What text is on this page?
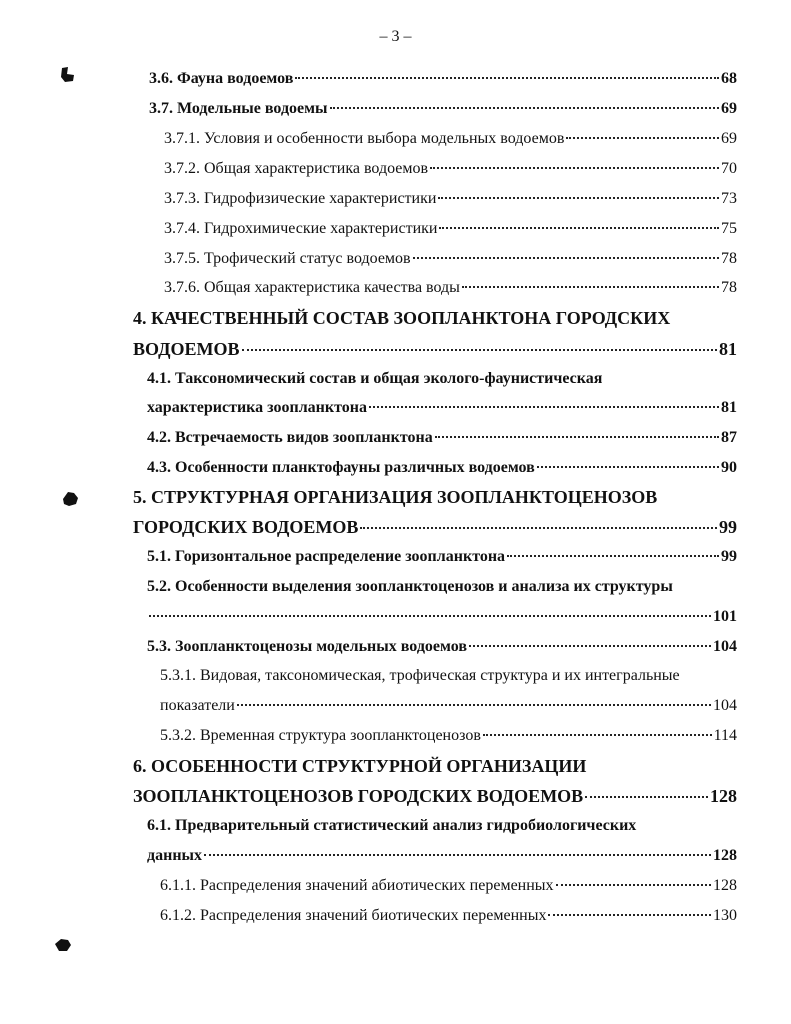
– 3 –
3.6. Фауна водоемов	68
3.7. Модельные водоемы	69
3.7.1. Условия и особенности выбора модельных водоемов	69
3.7.2. Общая характеристика водоемов	70
3.7.3. Гидрофизические характеристики	73
3.7.4. Гидрохимические характеристики	75
3.7.5. Трофический статус водоемов	78
3.7.6. Общая характеристика качества воды	78
4. КАЧЕСТВЕННЫЙ СОСТАВ ЗООПЛАНКТОНА ГОРОДСКИХ
ВОДОЕМОВ	81
4.1. Таксономический состав и общая эколого-фаунистическая
характеристика зоопланктона	81
4.2. Встречаемость видов зоопланктона	87
4.3. Особенности планктофауны различных водоемов	90
5. СТРУКТУРНАЯ ОРГАНИЗАЦИЯ ЗООПЛАНКТОЦЕНОЗОВ
ГОРОДСКИХ ВОДОЕМОВ	99
5.1. Горизонтальное распределение зоопланктона	99
5.2. Особенности выделения зоопланктоценозов и анализа их структуры
101
5.3. Зоопланктоценозы модельных водоемов	104
5.3.1. Видовая, таксономическая, трофическая структура и их интегральные
показатели	104
5.3.2. Временная структура зоопланктоценозов	114
6. ОСОБЕННОСТИ СТРУКТУРНОЙ ОРГАНИЗАЦИИ
ЗООПЛАНКТОЦЕНОЗОВ ГОРОДСКИХ ВОДОЕМОВ	128
6.1. Предварительный статистический анализ гидробиологических
данных	128
6.1.1. Распределения значений абиотических переменных	128
6.1.2. Распределения значений биотических переменных	130
